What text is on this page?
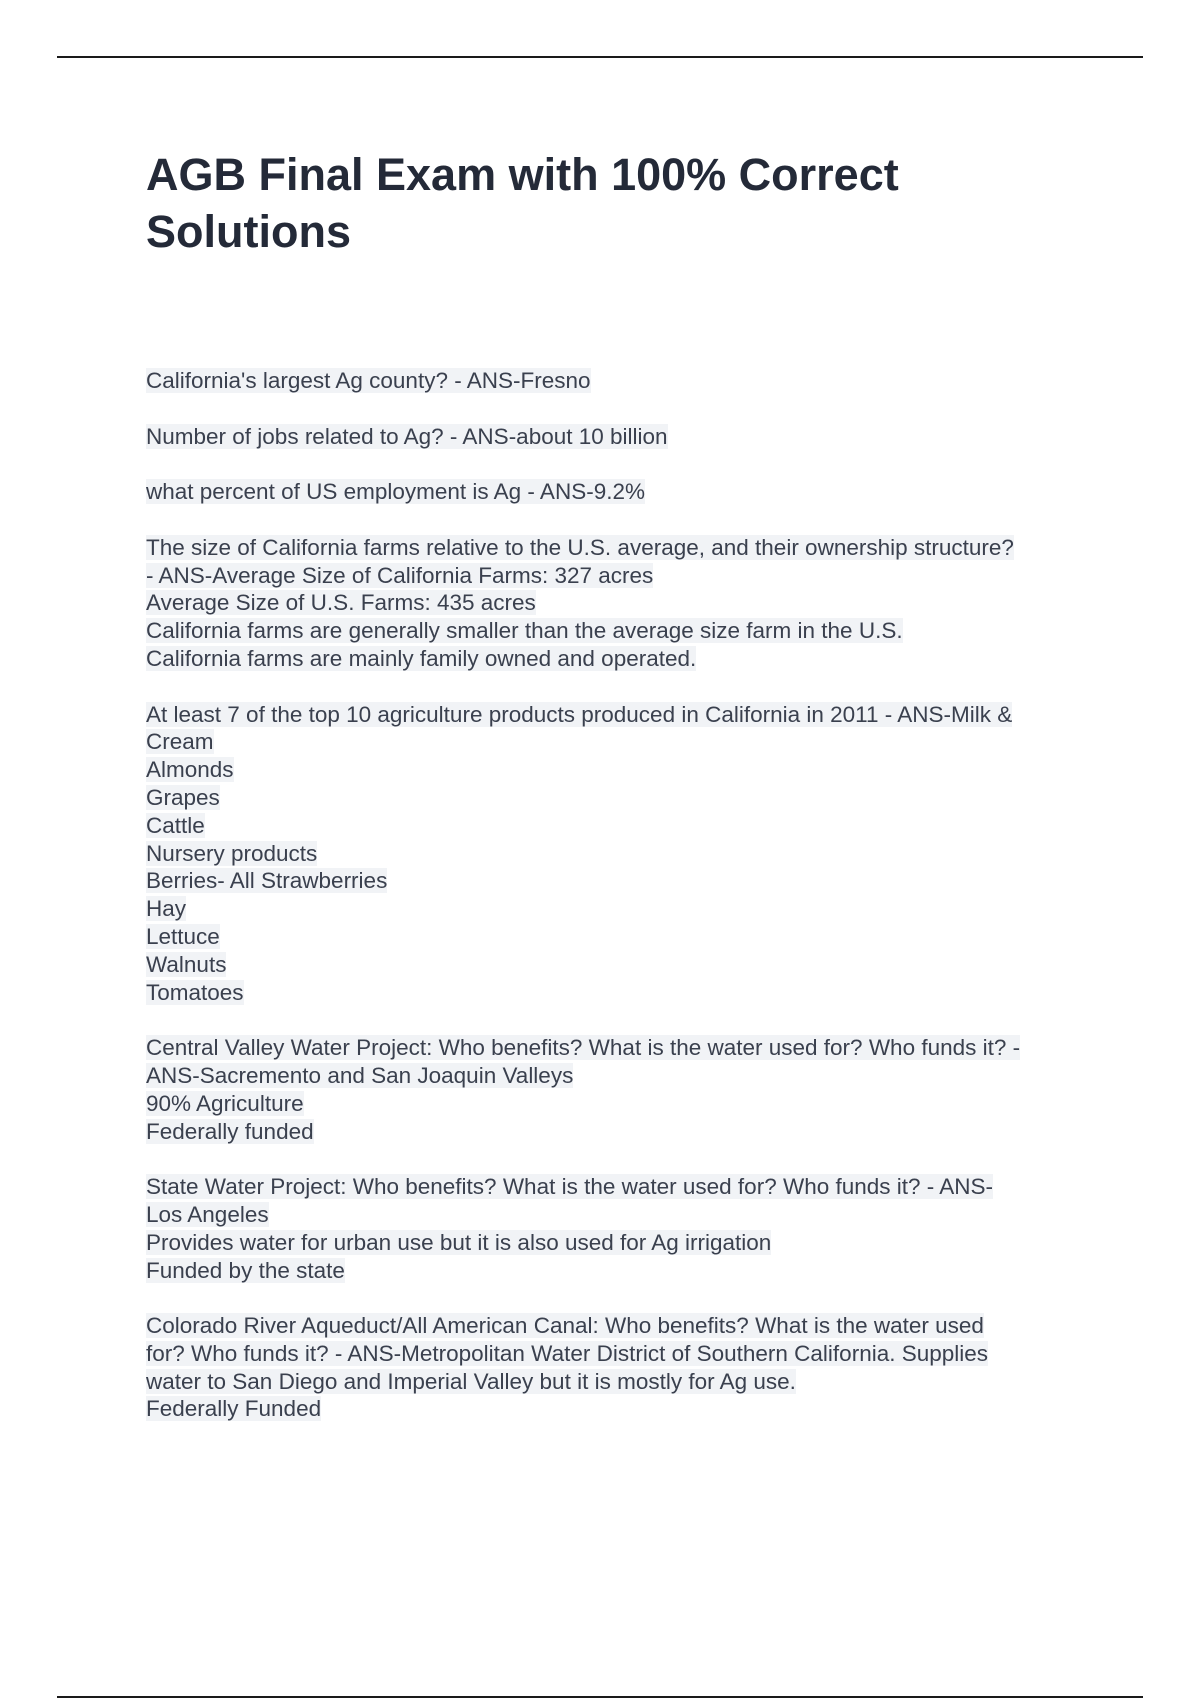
AGB Final Exam with 100% Correct Solutions
California's largest Ag county? - ANS-Fresno
Number of jobs related to Ag? - ANS-about 10 billion
what percent of US employment is Ag - ANS-9.2%
The size of California farms relative to the U.S. average, and their ownership structure?
- ANS-Average Size of California Farms: 327 acres
Average Size of U.S. Farms: 435 acres
California farms are generally smaller than the average size farm in the U.S.
California farms are mainly family owned and operated.
At least 7 of the top 10 agriculture products produced in California in 2011 - ANS-Milk &
Cream
Almonds
Grapes
Cattle
Nursery products
Berries- All Strawberries
Hay
Lettuce
Walnuts
Tomatoes
Central Valley Water Project: Who benefits? What is the water used for? Who funds it? -
ANS-Sacremento and San Joaquin Valleys
90% Agriculture
Federally funded
State Water Project: Who benefits? What is the water used for? Who funds it? - ANS-
Los Angeles
Provides water for urban use but it is also used for Ag irrigation
Funded by the state
Colorado River Aqueduct/All American Canal: Who benefits? What is the water used
for? Who funds it? - ANS-Metropolitan Water District of Southern California. Supplies
water to San Diego and Imperial Valley but it is mostly for Ag use.
Federally Funded
